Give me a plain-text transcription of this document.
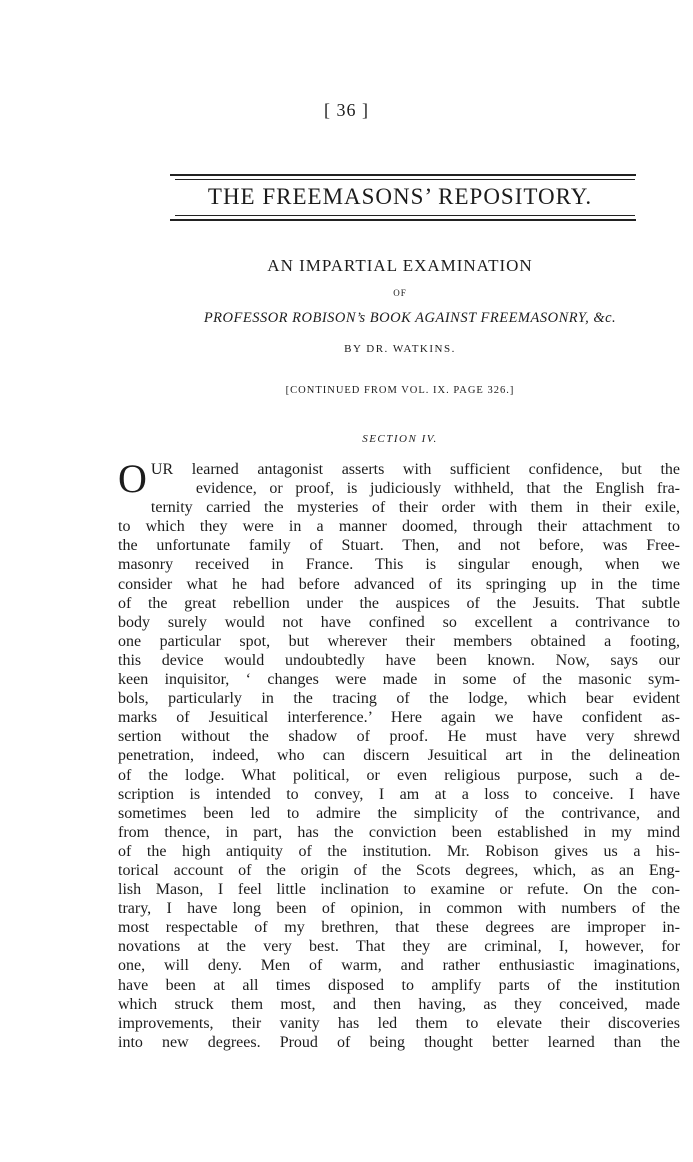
[ 36 ]
THE FREEMASONS’ REPOSITORY.
AN IMPARTIAL EXAMINATION
OF
PROFESSOR ROBISON’s BOOK AGAINST FREEMASONRY, &c.
BY DR. WATKINS.
[CONTINUED FROM VOL. IX. PAGE 326.]
SECTION IV.
O UR learned antagonist asserts with sufficient confidence, but the
evidence, or proof, is judiciously withheld, that the English fra-
ternity carried the mysteries of their order with them in their exile,
to which they were in a manner doomed, through their attachment to
the unfortunate family of Stuart. Then, and not before, was Free-
masonry received in France. This is singular enough, when we
consider what he had before advanced of its springing up in the time
of the great rebellion under the auspices of the Jesuits. That subtle
body surely would not have confined so excellent a contrivance to
one particular spot, but wherever their members obtained a footing,
this device would undoubtedly have been known. Now, says our
keen inquisitor, ‘ changes were made in some of the masonic sym-
bols, particularly in the tracing of the lodge, which bear evident
marks of Jesuitical interference.’ Here again we have confident as-
sertion without the shadow of proof. He must have very shrewd
penetration, indeed, who can discern Jesuitical art in the delineation
of the lodge. What political, or even religious purpose, such a de-
scription is intended to convey, I am at a loss to conceive. I have
sometimes been led to admire the simplicity of the contrivance, and
from thence, in part, has the conviction been established in my mind
of the high antiquity of the institution. Mr. Robison gives us a his-
torical account of the origin of the Scots degrees, which, as an Eng-
lish Mason, I feel little inclination to examine or refute. On the con-
trary, I have long been of opinion, in common with numbers of the
most respectable of my brethren, that these degrees are improper in-
novations at the very best. That they are criminal, I, however, for
one, will deny. Men of warm, and rather enthusiastic imaginations,
have been at all times disposed to amplify parts of the institution
which struck them most, and then having, as they conceived, made
improvements, their vanity has led them to elevate their discoveries
into new degrees. Proud of being thought better learned than the
